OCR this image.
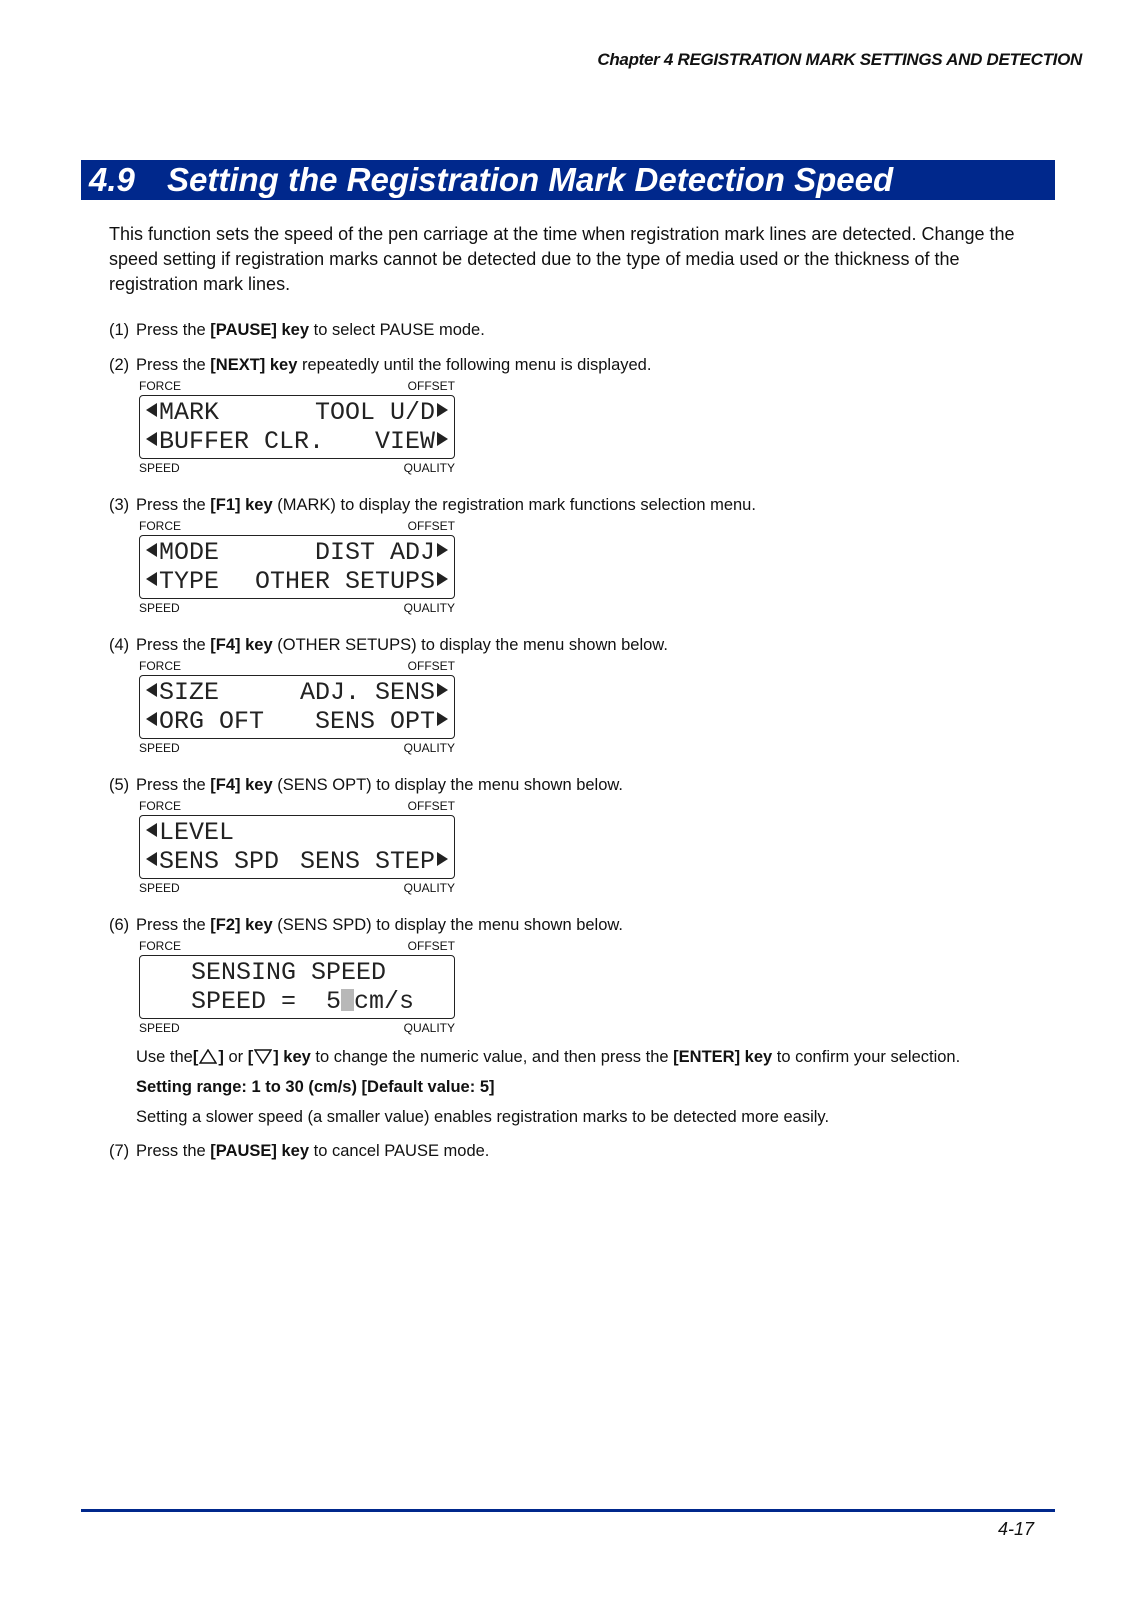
Chapter 4 REGISTRATION MARK SETTINGS AND DETECTION
4.9 Setting the Registration Mark Detection Speed

This function sets the speed of the pen carriage at the time when registration mark lines are detected. Change the speed setting if registration marks cannot be detected due to the type of media used or the thickness of the registration mark lines.

(1) Press the [PAUSE] key to select PAUSE mode.

(2) Press the [NEXT] key repeatedly until the following menu is displayed.

FORCE	OFFSET
MARK	TOOL U/D
BUFFER CLR. VIEW
SPEED	QUALITY

(3) Press the [F1] key (MARK) to display the registration mark functions selection menu.

FORCE	OFFSET
MODE	DIST ADJ
TYPE OTHER SETUPS
SPEED	QUALITY

(4) Press the [F4] key (OTHER SETUPS) to display the menu shown below.

FORCE	OFFSET
SIZE	ADJ. SENS
ORG OFT SENS OPT
SPEED	QUALITY

(5) Press the [F4] key (SENS OPT) to display the menu shown below.

FORCE	OFFSET
LEVEL
SENS SPD SENS STEP
SPEED	QUALITY

(6) Press the [F2] key (SENS SPD) to display the menu shown below.

FORCE	OFFSET
SENSING SPEED
SPEED =  5 cm/s
SPEED	QUALITY

Use the[ ] or [ ] key to change the numeric value, and then press the [ENTER] key to confirm your selection.

Setting range: 1 to 30 (cm/s) [Default value: 5]

Setting a slower speed (a smaller value) enables registration marks to be detected more easily.

(7) Press the [PAUSE] key to cancel PAUSE mode.

4-17
